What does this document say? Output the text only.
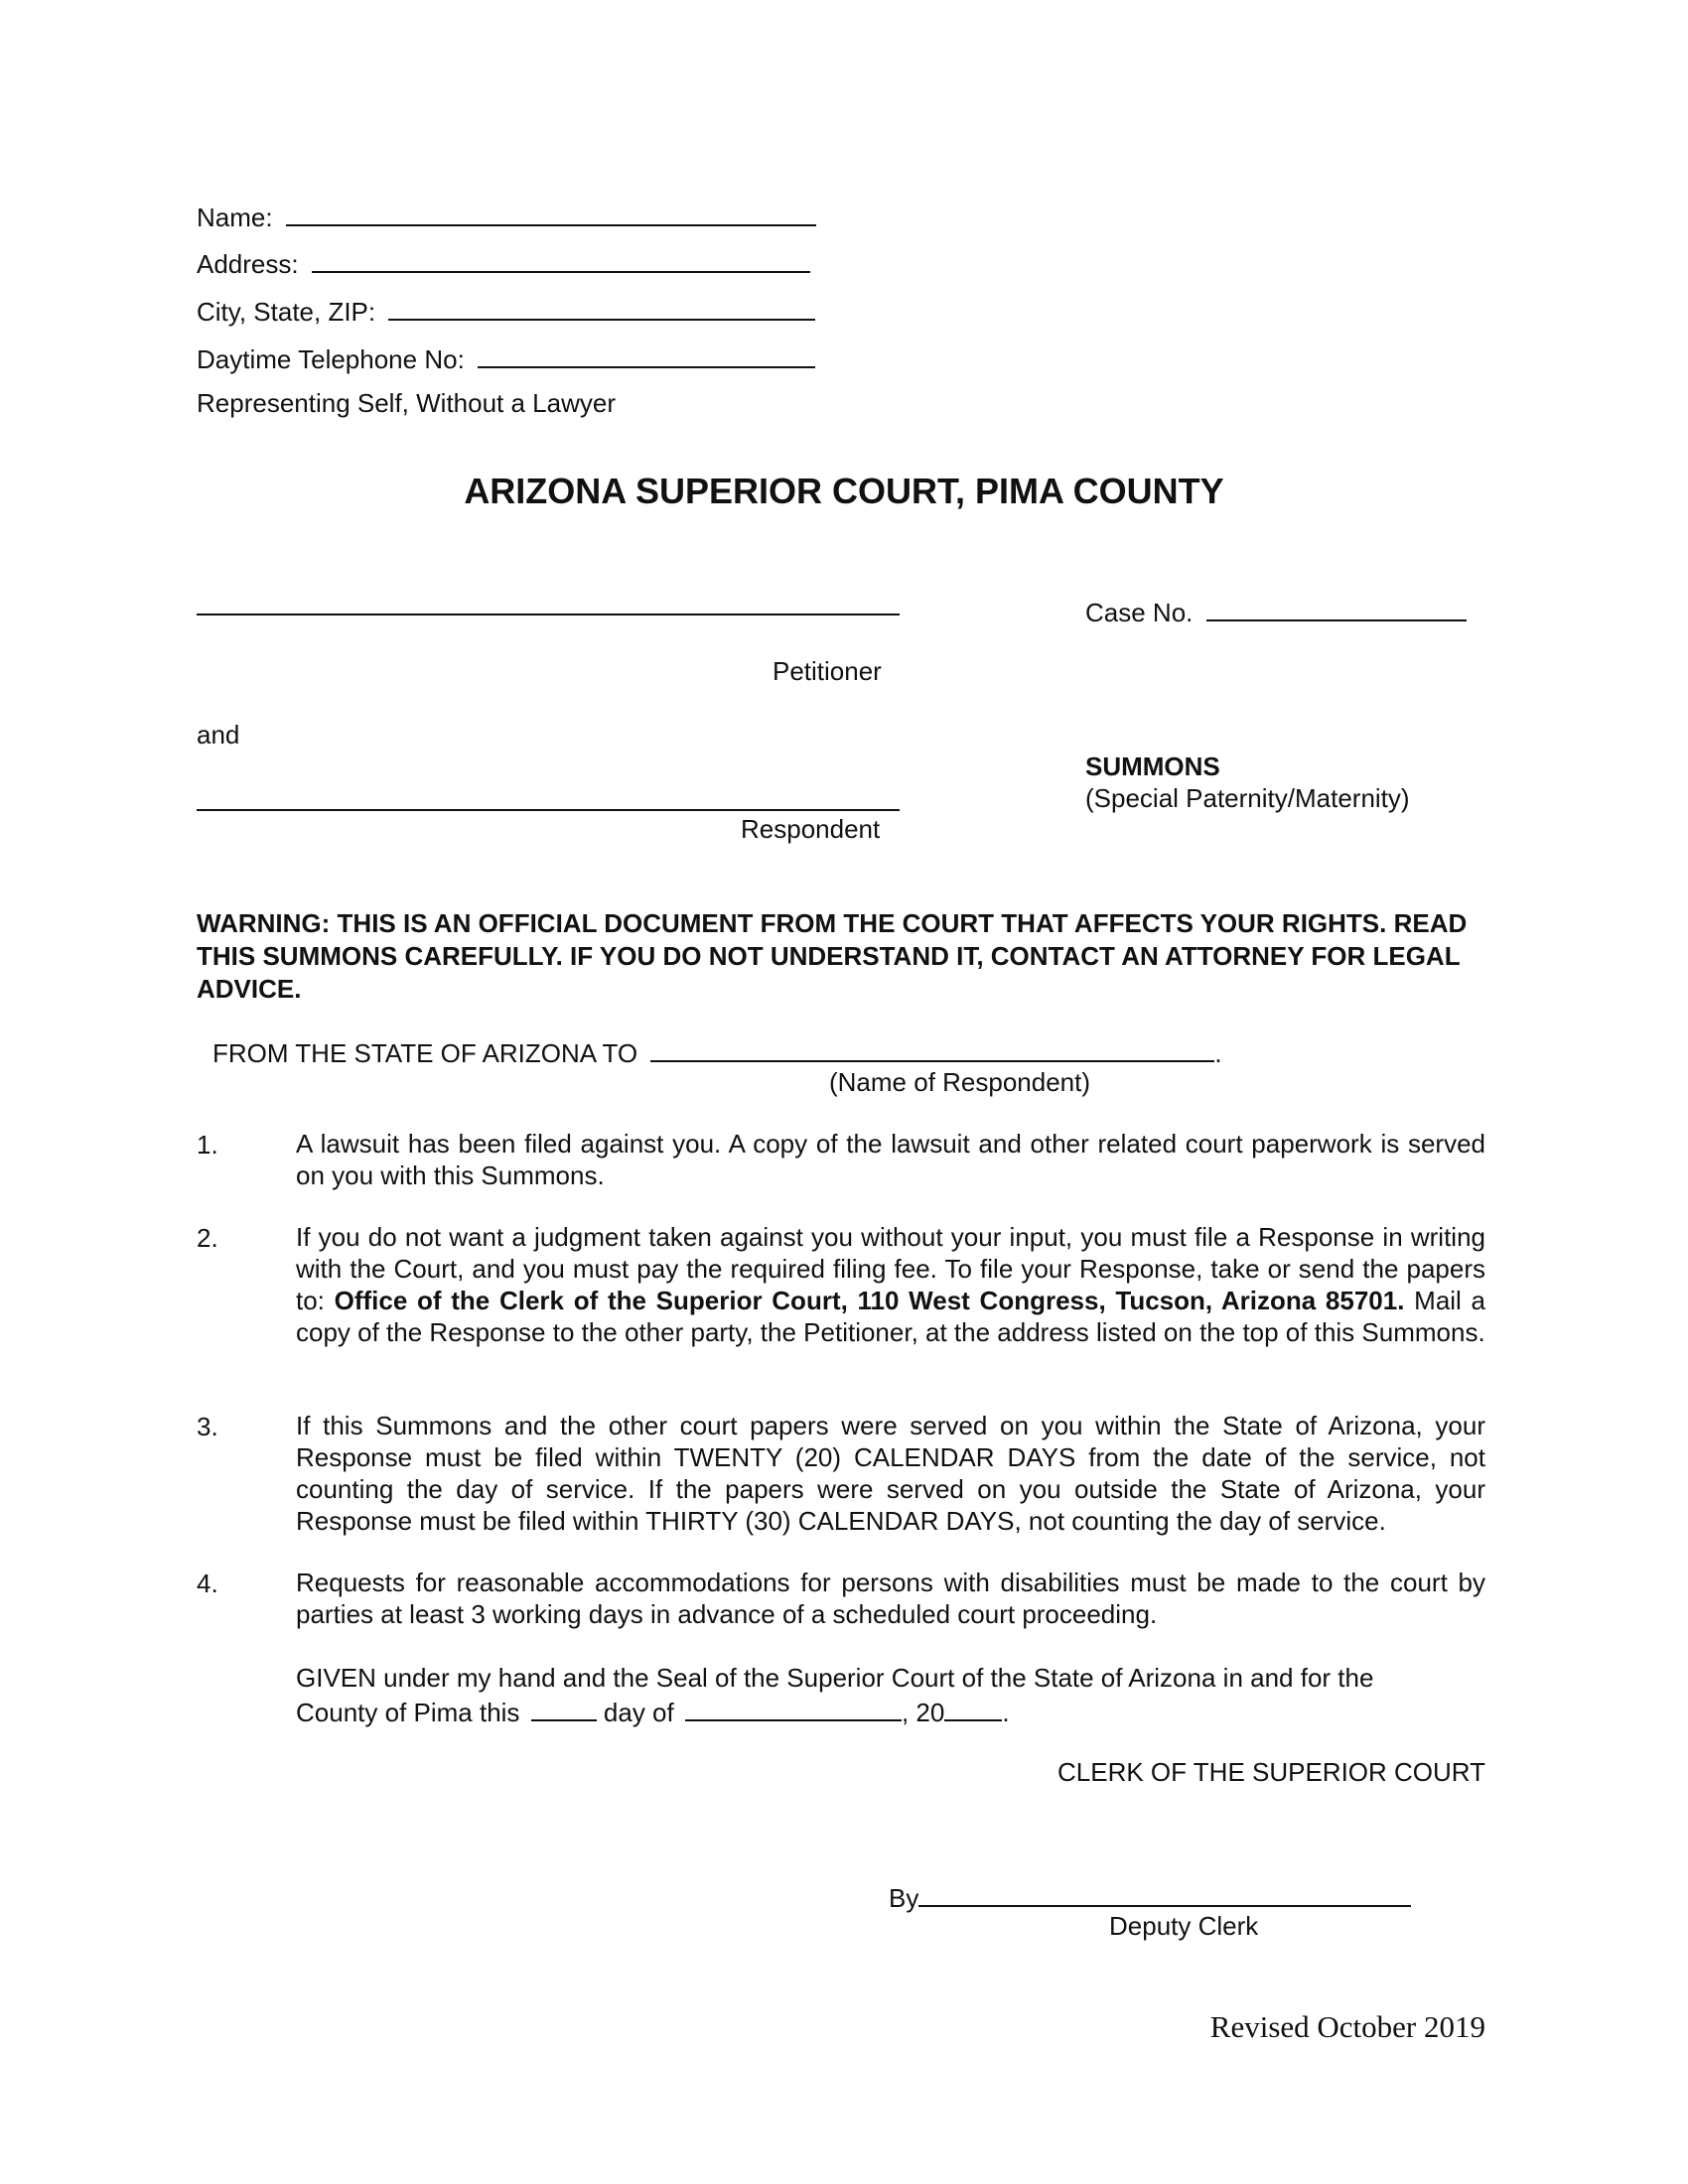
Name:
Address:
City, State, ZIP:
Daytime Telephone No:
Representing Self, Without a Lawyer
ARIZONA SUPERIOR COURT, PIMA COUNTY
Case No.
Petitioner
and
SUMMONS
(Special Paternity/Maternity)
Respondent
WARNING: THIS IS AN OFFICIAL DOCUMENT FROM THE COURT THAT AFFECTS YOUR RIGHTS. READ THIS SUMMONS CAREFULLY. IF YOU DO NOT UNDERSTAND IT, CONTACT AN ATTORNEY FOR LEGAL ADVICE.
FROM THE STATE OF ARIZONA TO	.
(Name of Respondent)
1.	A lawsuit has been filed against you. A copy of the lawsuit and other related court paperwork is served on you with this Summons.
2.	If you do not want a judgment taken against you without your input, you must file a Response in writing with the Court, and you must pay the required filing fee. To file your Response, take or send the papers to: Office of the Clerk of the Superior Court, 110 West Congress, Tucson, Arizona 85701. Mail a copy of the Response to the other party, the Petitioner, at the address listed on the top of this Summons.
3.	If this Summons and the other court papers were served on you within the State of Arizona, your Response must be filed within TWENTY (20) CALENDAR DAYS from the date of the service, not counting the day of service. If the papers were served on you outside the State of Arizona, your Response must be filed within THIRTY (30) CALENDAR DAYS, not counting the day of service.
4.	Requests for reasonable accommodations for persons with disabilities must be made to the court by parties at least 3 working days in advance of a scheduled court proceeding.
GIVEN under my hand and the Seal of the Superior Court of the State of Arizona in and for the
County of Pima this	day of	, 20 .
CLERK OF THE SUPERIOR COURT
By
Deputy Clerk
Revised October 2019
